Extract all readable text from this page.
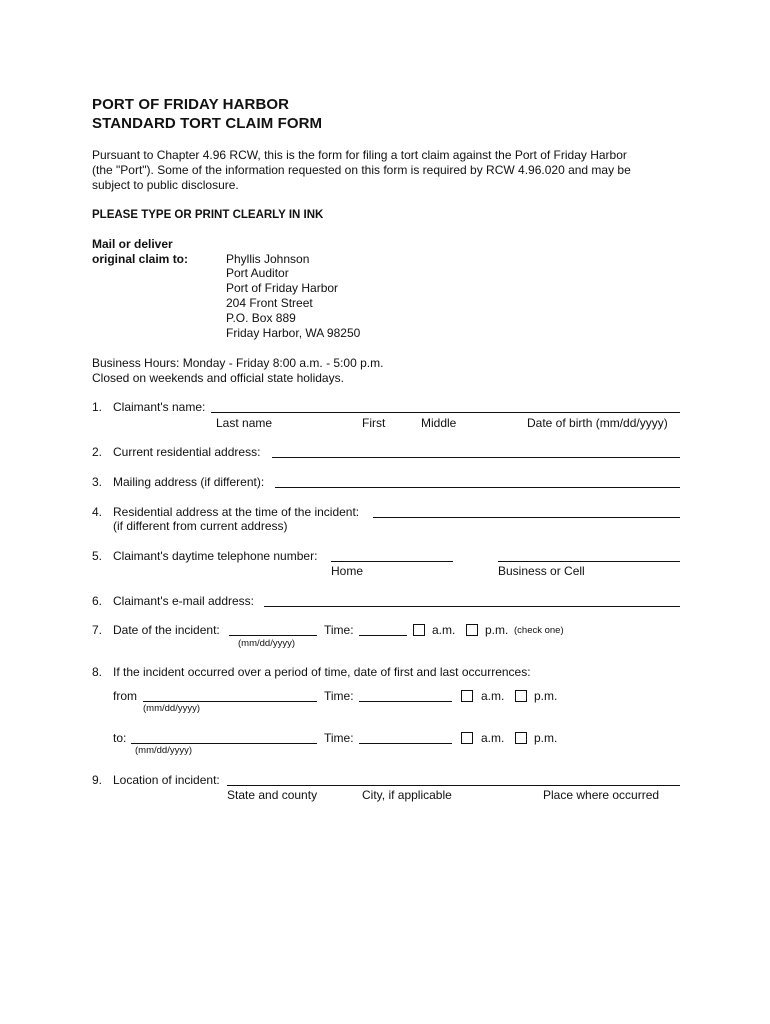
PORT OF FRIDAY HARBOR
STANDARD TORT CLAIM FORM
Pursuant to Chapter 4.96 RCW, this is the form for filing a tort claim against the Port of Friday Harbor
(the "Port"). Some of the information requested on this form is required by RCW 4.96.020 and may be
subject to public disclosure.
PLEASE TYPE OR PRINT CLEARLY IN INK
Mail or deliver
original claim to:	Phyllis Johnson
Port Auditor
Port of Friday Harbor
204 Front Street
P.O. Box 889
Friday Harbor, WA 98250
Business Hours: Monday - Friday 8:00 a.m. - 5:00 p.m.
Closed on weekends and official state holidays.
1. Claimant's name:
Last name	First	Middle	Date of birth (mm/dd/yyyy)
2. Current residential address:
3. Mailing address (if different):
4. Residential address at the time of the incident:
(if different from current address)
5. Claimant's daytime telephone number:
Home	Business or Cell
6. Claimant's e-mail address:
7. Date of the incident:	Time:	a.m. p.m. (check one)
(mm/dd/yyyy)
8. If the incident occurred over a period of time, date of first and last occurrences:
from	Time:	a.m. p.m.
(mm/dd/yyyy)
to:	Time:	a.m. p.m.
(mm/dd/yyyy)
9. Location of incident:
State and county	City, if applicable	Place where occurred
